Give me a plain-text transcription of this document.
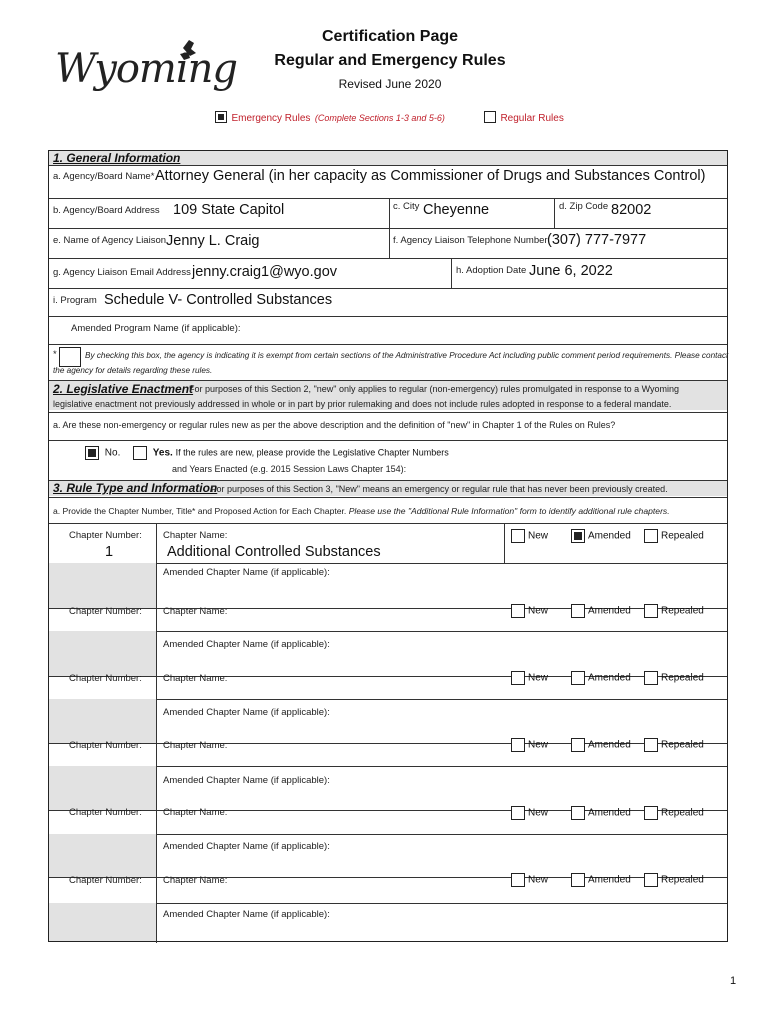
Wyoming
Certification Page
Regular and Emergency Rules
Revised June 2020
Emergency Rules (Complete Sections 1-3 and 5-6)	Regular Rules
1. General Information
a. Agency/Board Name* Attorney General (in her capacity as Commissioner of Drugs and Substances Control)
b. Agency/Board Address 109 State Capitol	c. City Cheyenne	d. Zip Code 82002
e. Name of Agency Liaison Jenny L. Craig	f. Agency Liaison Telephone Number (307) 777-7977
g. Agency Liaison Email Address jenny.craig1@wyo.gov	h. Adoption Date June 6, 2022
i. Program Schedule V- Controlled Substances
Amended Program Name (if applicable):
*	By checking this box, the agency is indicating it is exempt from certain sections of the Administrative Procedure Act including public comment period requirements. Please contact
the agency for details regarding these rules.
2. Legislative Enactment
For purposes of this Section 2, "new" only applies to regular (non-emergency) rules promulgated in response to a Wyoming
legislative enactment not previously addressed in whole or in part by prior rulemaking and does not include rules adopted in response to a federal mandate.
a. Are these non-emergency or regular rules new as per the above description and the definition of "new" in Chapter 1 of the Rules on Rules?
No.	Yes. If the rules are new, please provide the Legislative Chapter Numbers
and Years Enacted (e.g. 2015 Session Laws Chapter 154):
3. Rule Type and Information
For purposes of this Section 3, "New" means an emergency or regular rule that has never been previously created.
a. Provide the Chapter Number, Title* and Proposed Action for Each Chapter. Please use the "Additional Rule Information" form to identify additional rule chapters.
Chapter Number:
1
Chapter Name:
Additional Controlled Substances
New	Amended	Repealed
Amended Chapter Name (if applicable):
Chapter Number: Chapter Name:	New	Amended	Repealed
Amended Chapter Name (if applicable):
Chapter Number: Chapter Name:	New	Amended	Repealed
Amended Chapter Name (if applicable):
Chapter Number: Chapter Name:	New	Amended	Repealed
Amended Chapter Name (if applicable):
Chapter Number: Chapter Name:	New	Amended	Repealed
Amended Chapter Name (if applicable):
Chapter Number: Chapter Name:	New	Amended	Repealed
Amended Chapter Name (if applicable):
1
